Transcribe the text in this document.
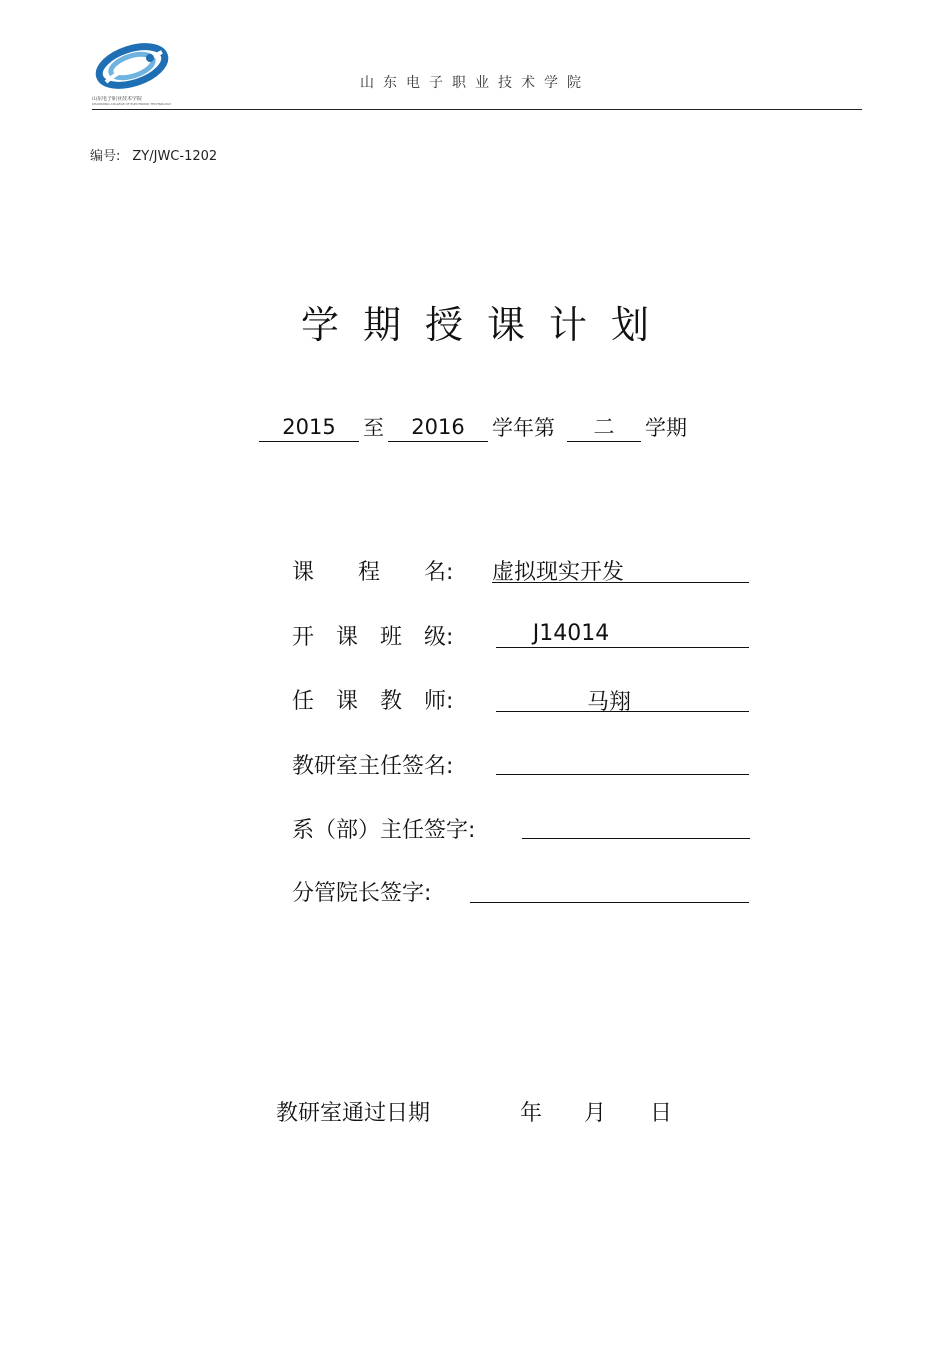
山东电子职业技术学院
SHANDONG COLLEGE OF ELECTRONIC TECHNOLOGY
山东电子职业技术学院
编号: ZY/JWC-1202
学期授课计划
2015	至	2016	学年第	二	学期
课　　程　　名: 虚拟现实开发
开　课　班　级:	J14014
任　课　教　师:	马翔
教研室主任签名:
系（部）主任签字:
分管院长签字:
教研室通过日期	年 月 日
